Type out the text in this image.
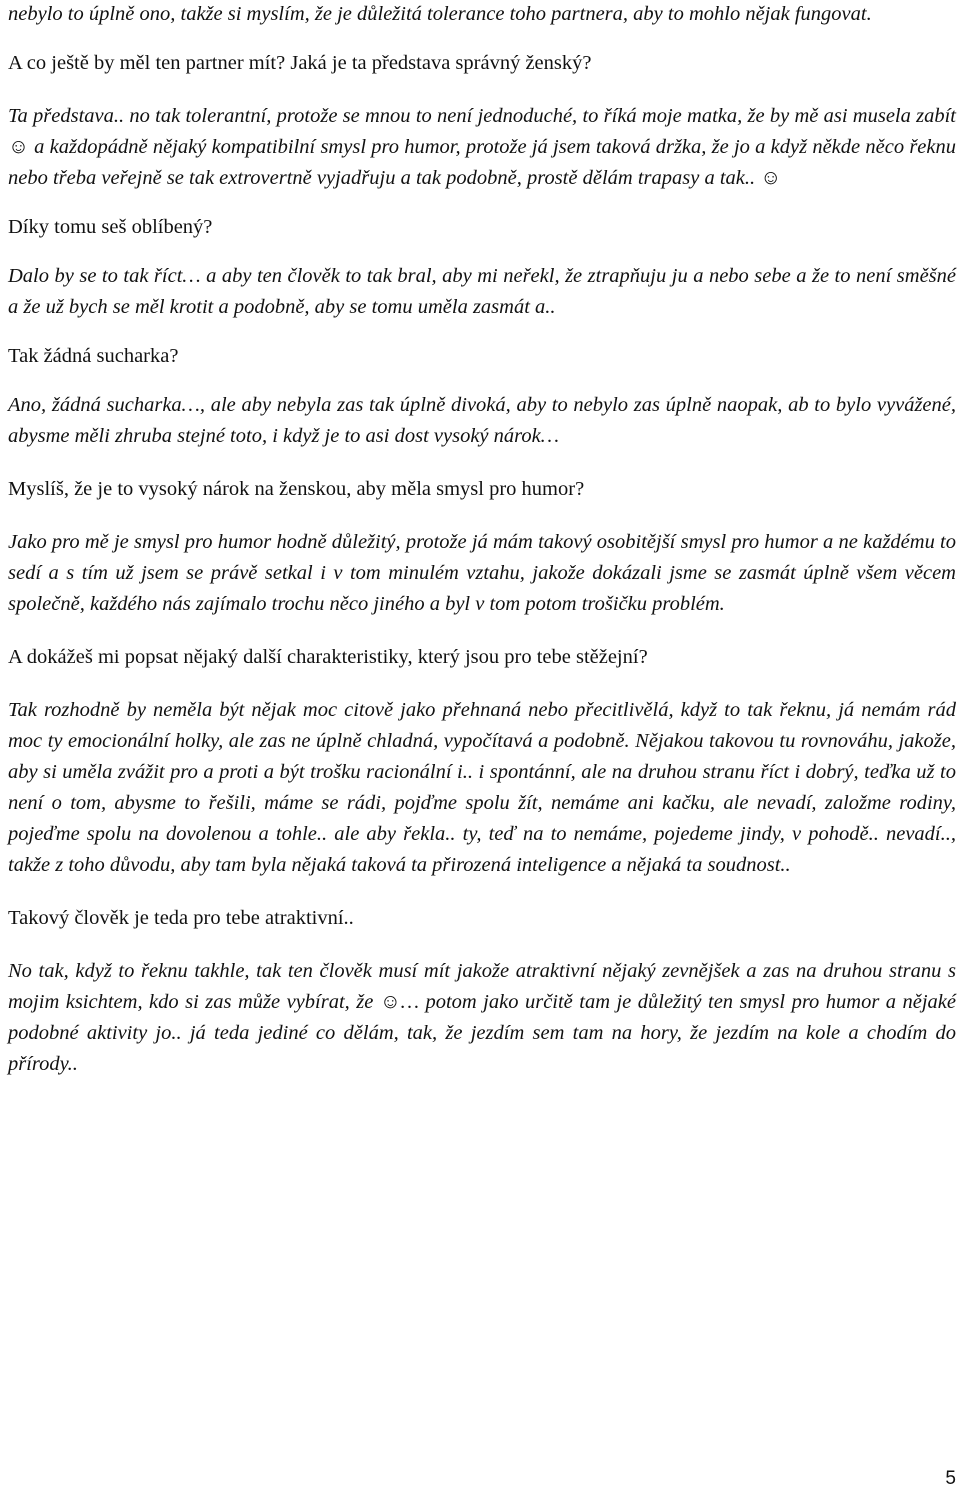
nebylo to úplně ono, takže si myslím, že je důležitá tolerance toho partnera, aby to mohlo nějak fungovat.

A co ještě by měl ten partner mít? Jaká je ta představa správný ženský?

Ta představa.. no tak tolerantní, protože se mnou to není jednoduché, to říká moje matka, že by mě asi musela zabít ☺ a každopádně nějaký kompatibilní smysl pro humor, protože já jsem taková držka, že jo a když někde něco řeknu nebo třeba veřejně se tak extrovertně vyjadřuju a tak podobně, prostě dělám trapasy a tak.. ☺

Díky tomu seš oblíbený?

Dalo by se to tak říct… a aby ten člověk to tak bral, aby mi neřekl, že ztrapňuju ju a nebo sebe a že to není směšné a že už bych se měl krotit a podobně, aby se tomu uměla zasmát a..

Tak žádná sucharka?

Ano, žádná sucharka…, ale aby nebyla zas tak úplně divoká, aby to nebylo zas úplně naopak, ab to bylo vyvážené, abysme měli zhruba stejné toto, i když je to asi dost vysoký nárok…

Myslíš, že je to vysoký nárok na ženskou, aby měla smysl pro humor?

Jako pro mě je smysl pro humor hodně důležitý, protože já mám takový osobitější smysl pro humor a ne každému to sedí a s tím už jsem se právě setkal i v tom minulém vztahu, jakože dokázali jsme se zasmát úplně všem věcem společně, každého nás zajímalo trochu něco jiného a byl v tom potom trošičku problém.

A dokážeš mi popsat nějaký další charakteristiky, který jsou pro tebe stěžejní?

Tak rozhodně by neměla být nějak moc citově jako přehnaná nebo přecitlivělá, když to tak řeknu, já nemám rád moc ty emocionální holky, ale zas ne úplně chladná, vypočítavá a podobně. Nějakou takovou tu rovnováhu, jakože, aby si uměla zvážit pro a proti a být trošku racionální i.. i spontánní, ale na druhou stranu říct i dobrý, teďka už to není o tom, abysme to řešili, máme se rádi, pojďme spolu žít, nemáme ani kačku, ale nevadí, založme rodiny, pojeďme spolu na dovolenou a tohle.. ale aby řekla.. ty, teď na to nemáme, pojedeme jindy, v pohodě.. nevadí.., takže z toho důvodu, aby tam byla nějaká taková ta přirozená inteligence a nějaká ta soudnost..

Takový člověk je teda pro tebe atraktivní..

No tak, když to řeknu takhle, tak ten člověk musí mít jakože atraktivní nějaký zevnějšek a zas na druhou stranu s mojim ksichtem, kdo si zas může vybírat, že ☺… potom jako určitě tam je důležitý ten smysl pro humor a nějaké podobné aktivity jo.. já teda jediné co dělám, tak, že jezdím sem tam na hory, že jezdím na kole a chodím do přírody..

5
